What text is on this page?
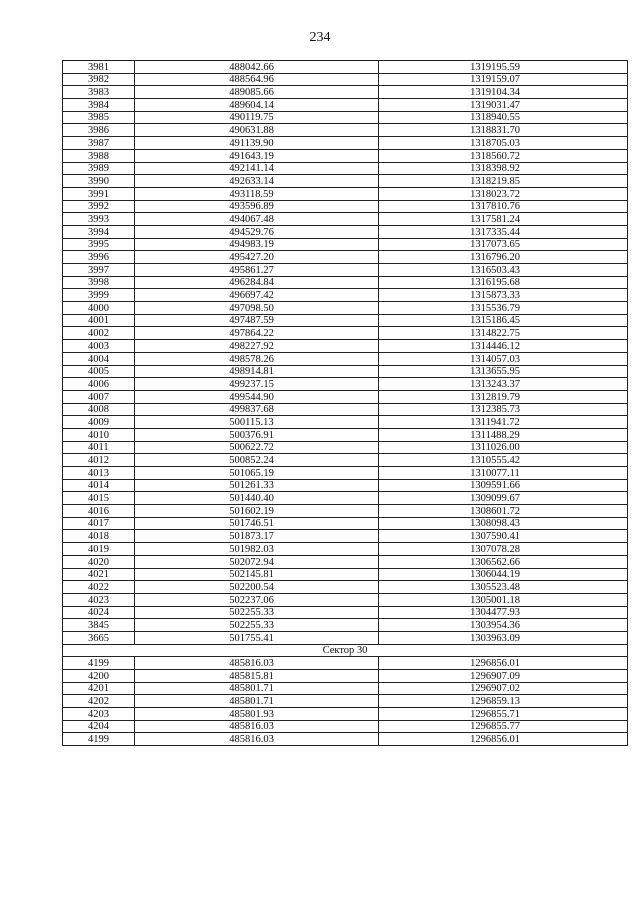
234
3981	488042.66	1319195.59
3982	488564.96	1319159.07
3983	489085.66	1319104.34
3984	489604.14	1319031.47
3985	490119.75	1318940.55
3986	490631.88	1318831.70
3987	491139.90	1318705.03
3988	491643.19	1318560.72
3989	492141.14	1318398.92
3990	492633.14	1318219.85
3991	493118.59	1318023.72
3992	493596.89	1317810.76
3993	494067.48	1317581.24
3994	494529.76	1317335.44
3995	494983.19	1317073.65
3996	495427.20	1316796.20
3997	495861.27	1316503.43
3998	496284.84	1316195.68
3999	496697.42	1315873.33
4000	497098.50	1315536.79
4001	497487.59	1315186.45
4002	497864.22	1314822.75
4003	498227.92	1314446.12
4004	498578.26	1314057.03
4005	498914.81	1313655.95
4006	499237.15	1313243.37
4007	499544.90	1312819.79
4008	499837.68	1312385.73
4009	500115.13	1311941.72
4010	500376.91	1311488.29
4011	500622.72	1311026.00
4012	500852.24	1310555.42
4013	501065.19	1310077.11
4014	501261.33	1309591.66
4015	501440.40	1309099.67
4016	501602.19	1308601.72
4017	501746.51	1308098.43
4018	501873.17	1307590.41
4019	501982.03	1307078.28
4020	502072.94	1306562.66
4021	502145.81	1306044.19
4022	502200.54	1305523.48
4023	502237.06	1305001.18
4024	502255.33	1304477.93
3845	502255.33	1303954.36
3665	501755.41	1303963.09
Сектор 30		
4199	485816.03	1296856.01
4200	485815.81	1296907.09
4201	485801.71	1296907.02
4202	485801.71	1296859.13
4203	485801.93	1296855.71
4204	485816.03	1296855.77
4199	485816.03	1296856.01
